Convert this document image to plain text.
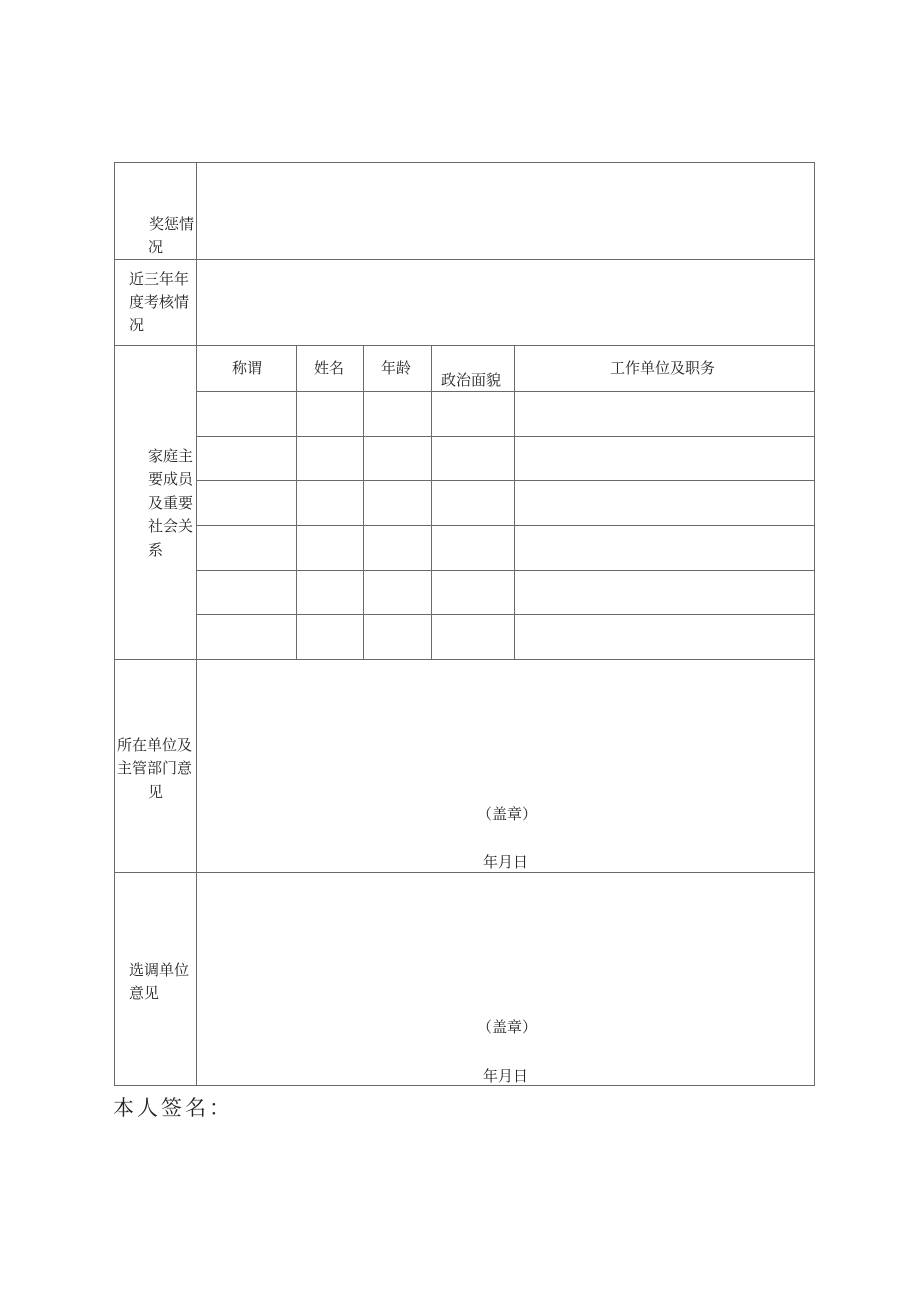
奖惩情
况
近三年年
度考核情
况
家庭主
要成员
及重要
社会关
系
称谓	姓名 年龄
政治面貌
工作单位及职务
所在单位及
主管部门意
见
（盖章）
年月日
选调单位
意见
（盖章）
年月日
本人签名：
